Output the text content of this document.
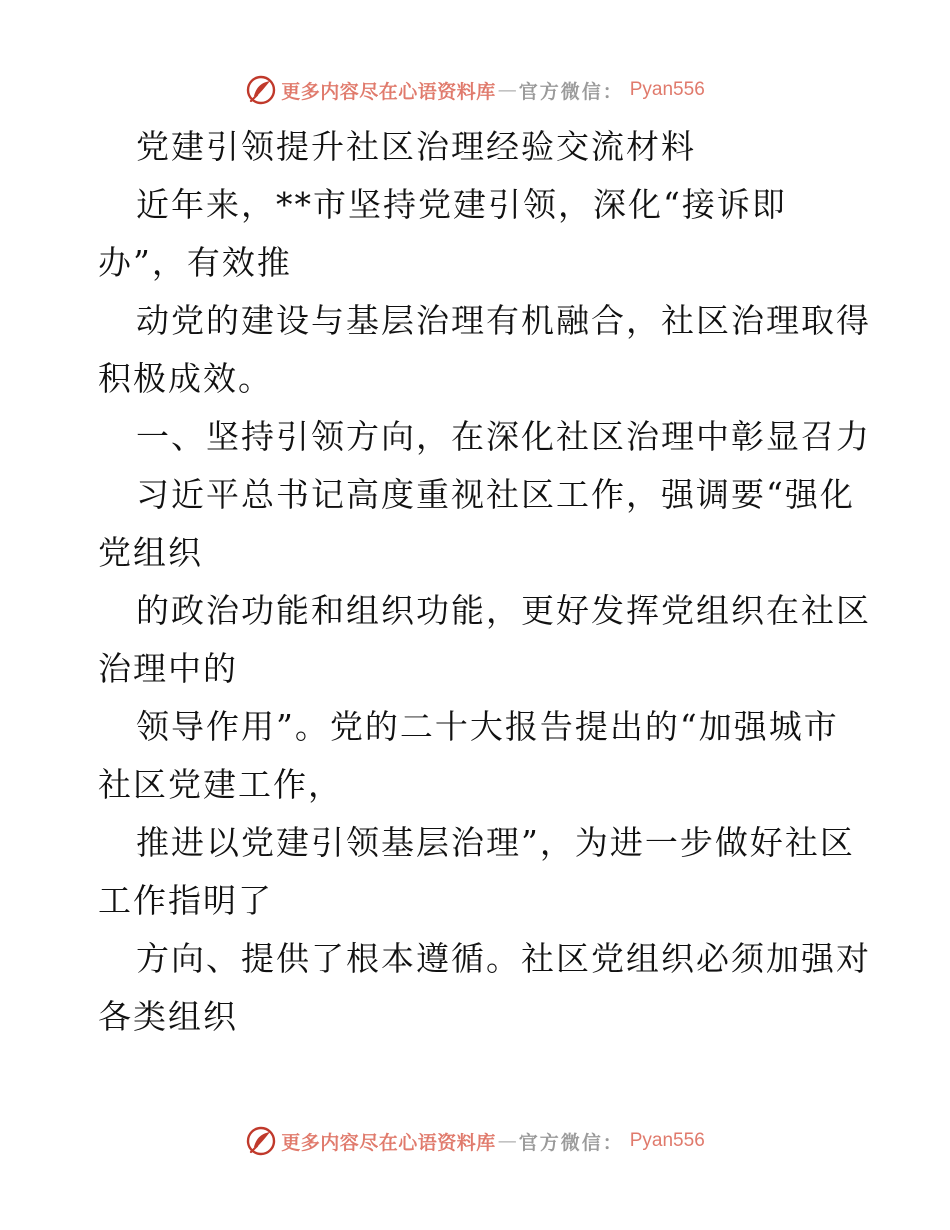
更多内容尽在心语资料库 — 官方微信： Pyan556
党建引领提升社区治理经验交流材料
近年来，**市坚持党建引领，深化“接诉即
办”，有效推
动党的建设与基层治理有机融合，社区治理取得
积极成效。
一、坚持引领方向，在深化社区治理中彰显召力
习近平总书记高度重视社区工作，强调要“强化
党组织
的政治功能和组织功能，更好发挥党组织在社区
治理中的
领导作用”。党的二十大报告提出的“加强城市
社区党建工作，
推进以党建引领基层治理”，为进一步做好社区
工作指明了
方向、提供了根本遵循。社区党组织必须加强对
各类组织
更多内容尽在心语资料库 — 官方微信： Pyan556
